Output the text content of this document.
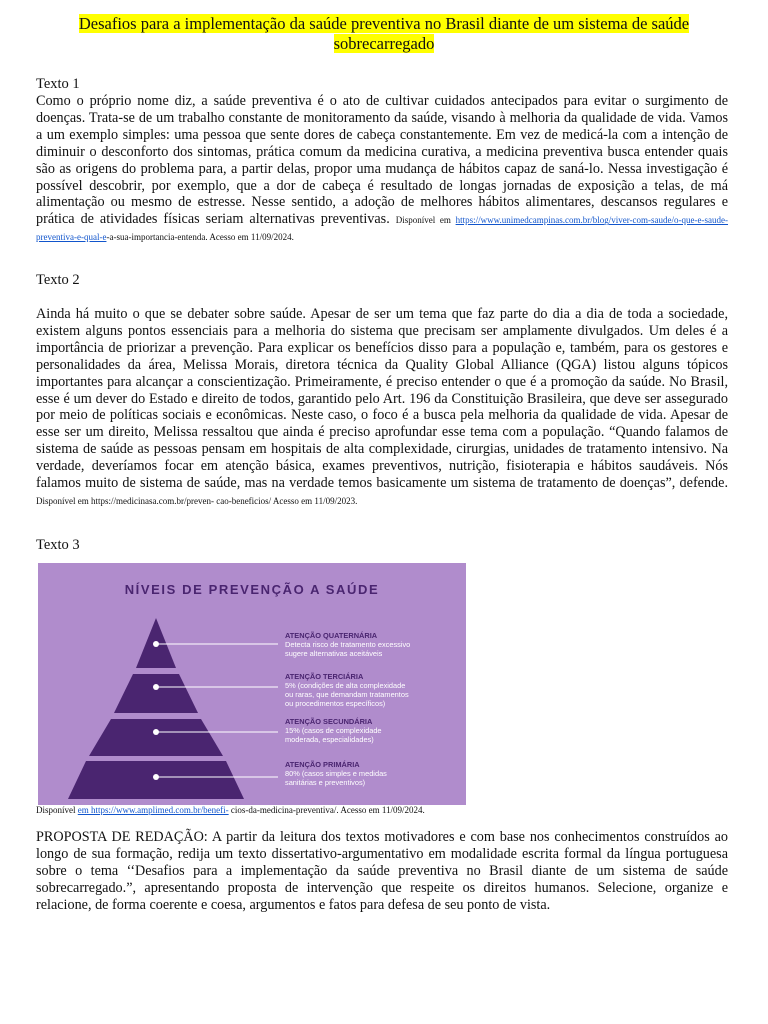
Desafios para a implementação da saúde preventiva no Brasil diante de um sistema de saúde sobrecarregado
Texto 1

Como o próprio nome diz, a saúde preventiva é o ato de cultivar cuidados antecipados para evitar o surgimento de doenças. Trata-se de um trabalho constante de monitoramento da saúde, visando à melhoria da qualidade de vida. Vamos a um exemplo simples: uma pessoa que sente dores de cabeça constantemente. Em vez de medicá-la com a intenção de diminuir o desconforto dos sintomas, prática comum da medicina curativa, a medicina preventiva busca entender quais são as origens do problema para, a partir delas, propor uma mudança de hábitos capaz de saná-lo. Nessa investigação é possível descobrir, por exemplo, que a dor de cabeça é resultado de longas jornadas de exposição a telas, de má alimentação ou mesmo de estresse. Nesse sentido, a adoção de melhores hábitos alimentares, descansos regulares e prática de atividades físicas seriam alternativas preventivas. Disponível em https://www.unimedcampinas.com.br/blog/viver-com-saude/o-que-e-saude-preventiva-e-qual-e-a-sua-importancia-entenda. Acesso em 11/09/2024.

Texto 2

Ainda há muito o que se debater sobre saúde. Apesar de ser um tema que faz parte do dia a dia de toda a sociedade, existem alguns pontos essenciais para a melhoria do sistema que precisam ser amplamente divulgados. Um deles é a importância de priorizar a prevenção. Para explicar os benefícios disso para a população e, também, para os gestores e personalidades da área, Melissa Morais, diretora técnica da Quality Global Alliance (QGA) listou alguns tópicos importantes para alcançar a conscientização. Primeiramente, é preciso entender o que é a promoção da saúde. No Brasil, esse é um dever do Estado e direito de todos, garantido pelo Art. 196 da Constituição Brasileira, que deve ser assegurado por meio de políticas sociais e econômicas. Neste caso, o foco é a busca pela melhoria da qualidade de vida. Apesar de esse ser um direito, Melissa ressaltou que ainda é preciso aprofundar esse tema com a população. “Quando falamos de sistema de saúde as pessoas pensam em hospitais de alta complexidade, cirurgias, unidades de tratamento intensivo. Na verdade, deveríamos focar em atenção básica, exames preventivos, nutrição, fisioterapia e hábitos saudáveis. Nós falamos muito de sistema de saúde, mas na verdade temos basicamente um sistema de tratamento de doenças”, defende. Disponível em https://medicinasa.com.br/preven- cao-beneficios/ Acesso em 11/09/2023.

Texto 3
NÍVEIS DE PREVENÇÃO A SAÚDE
ATENÇÃO QUATERNÁRIA
Detecta risco de tratamento excessivo
sugere alternativas aceitáveis
ATENÇÃO TERCIÁRIA
5% (condições de alta complexidade
ou raras, que demandam tratamentos
ou procedimentos específicos)
ATENÇÃO SECUNDÁRIA
15% (casos de complexidade
moderada, especialidades)
ATENÇÃO PRIMÁRIA
80% (casos simples e medidas
sanitárias e preventivos)
Disponível em https://www.amplimed.com.br/benefi- cios-da-medicina-preventiva/. Acesso em 11/09/2024.

PROPOSTA DE REDAÇÃO: A partir da leitura dos textos motivadores e com base nos conhecimentos construídos ao longo de sua formação, redija um texto dissertativo-argumentativo em modalidade escrita formal da língua portuguesa sobre o tema ‘‘Desafios para a implementação da saúde preventiva no Brasil diante de um sistema de saúde sobrecarregado.”, apresentando proposta de intervenção que respeite os direitos humanos. Selecione, organize e relacione, de forma coerente e coesa, argumentos e fatos para defesa de seu ponto de vista.
